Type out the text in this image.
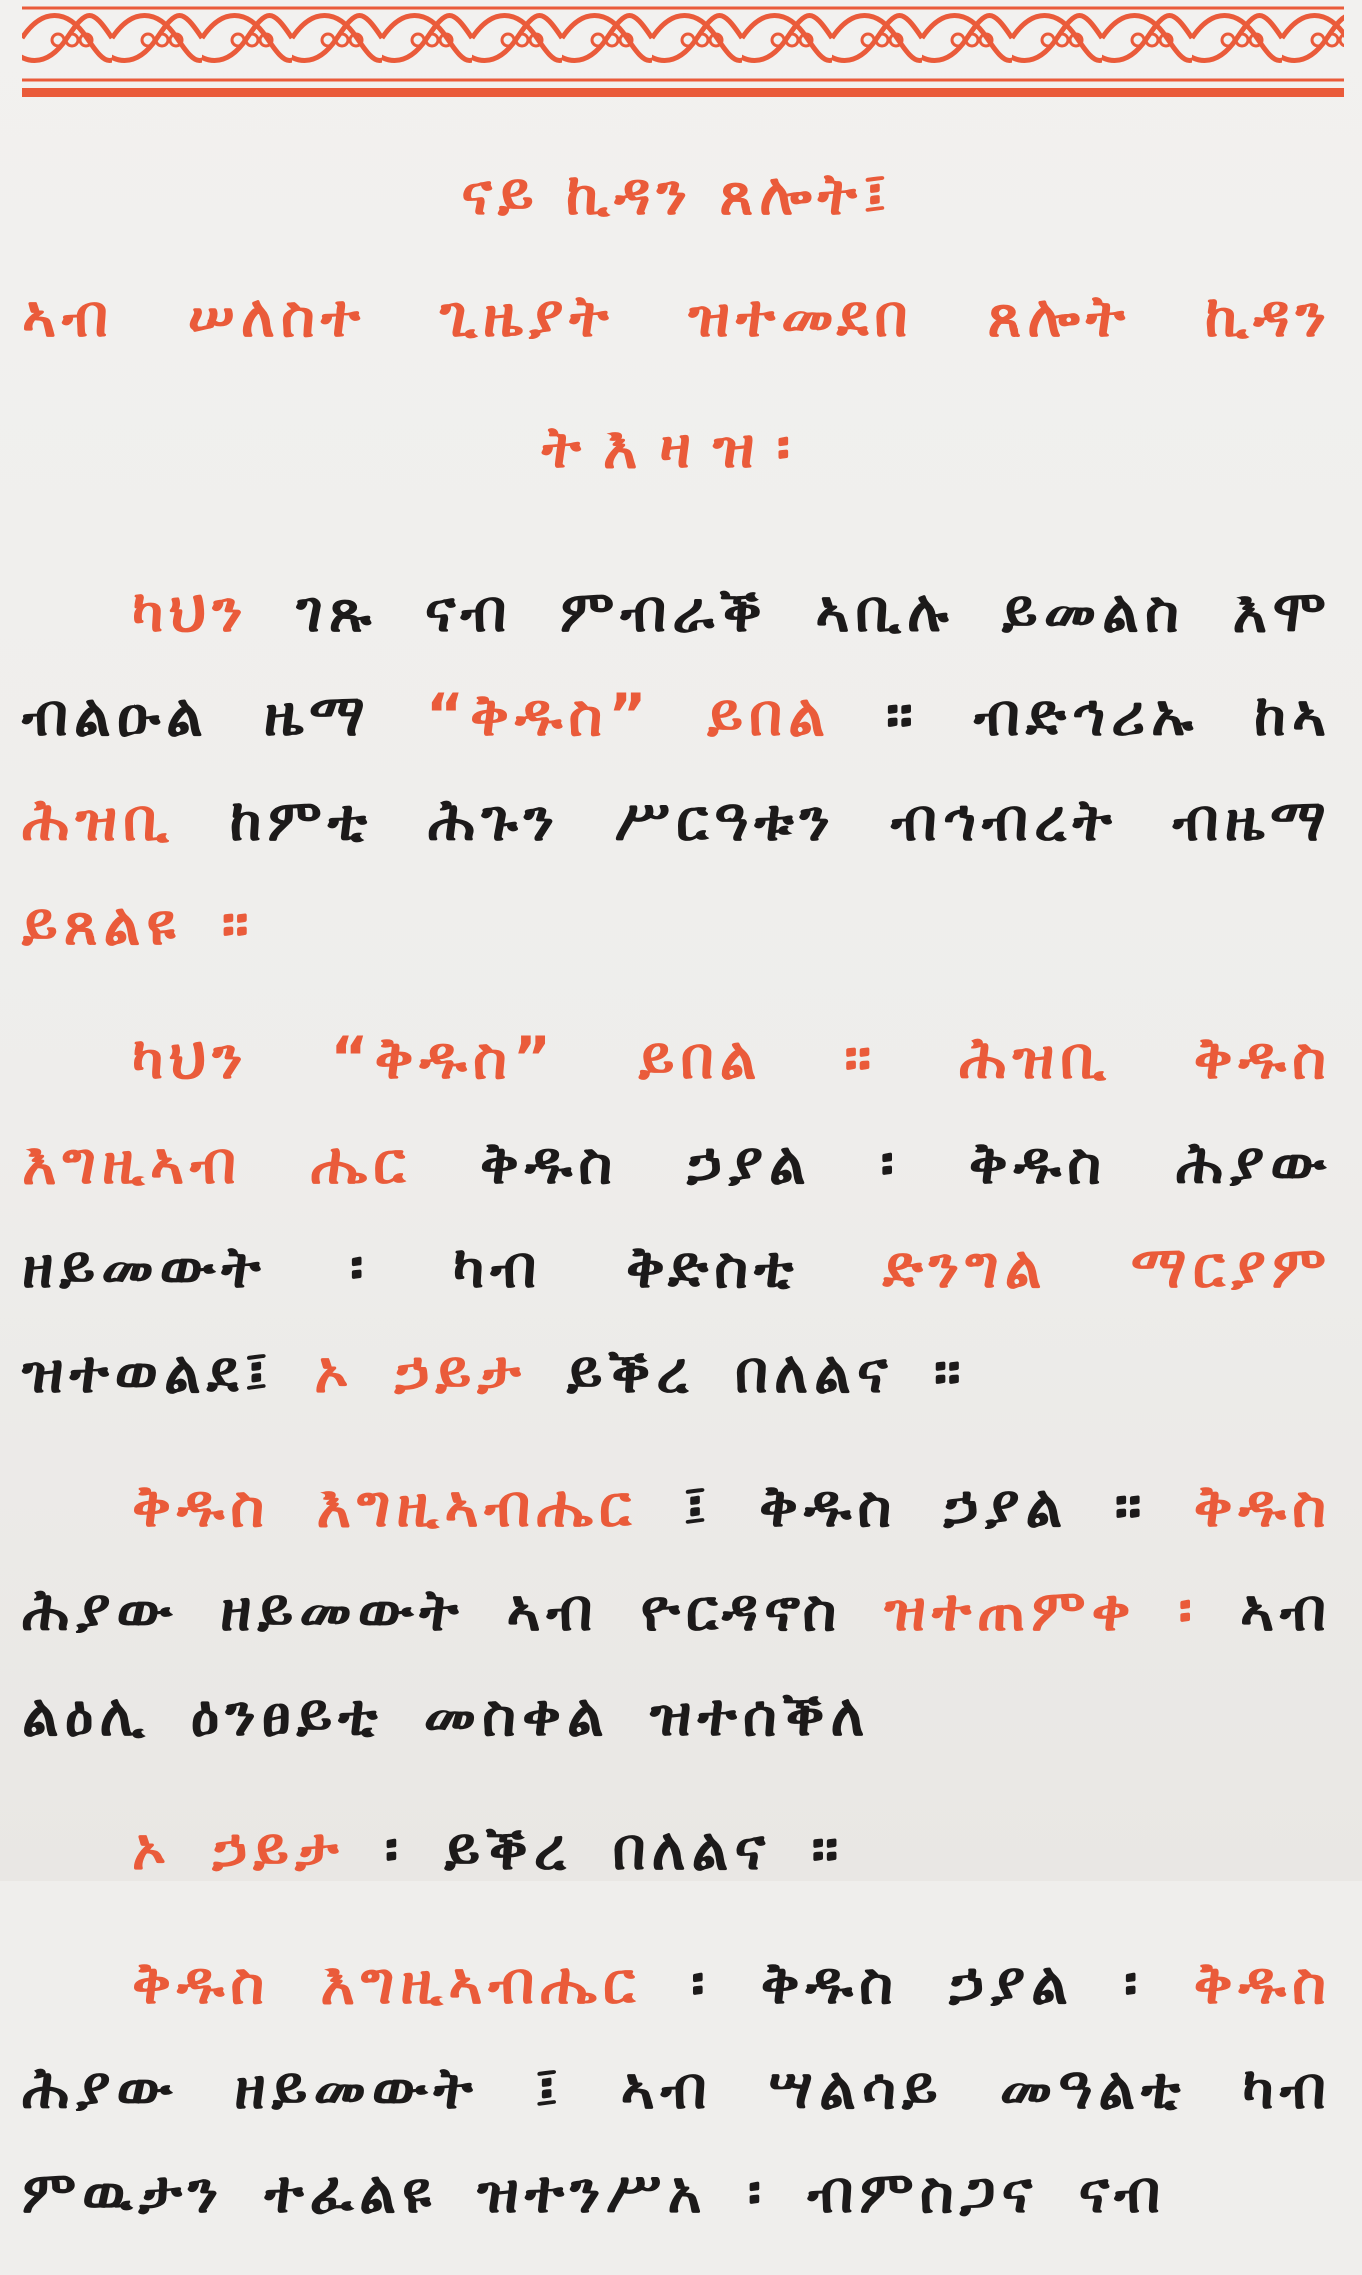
ናይ ኪዳን ጸሎት፤

ኣብ ሠለስተ ጊዜያት ዝተመደበ ጸሎት ኪዳን

ትእዛዝ፡

ካህን ገጹ ናብ ምብራቕ ኣቢሉ ይመልስ እሞ ብልዑል ዜማ “ቅዱስ” ይበል ። ብድኅሪኡ ከኣ ሕዝቢ ከምቲ ሕጉን ሥርዓቱን ብኅብረት ብዜማ ይጸልዩ ።

ካህን “ቅዱስ” ይበል ። ሕዝቢ ቅዱስ እግዚኣብ ሔር ቅዱስ ኃያል ፡ ቅዱስ ሕያው ዘይመውት ፡ ካብ ቅድስቲ ድንግል ማርያም ዝተወልደ፤ ኦ ኃይታ ይቕረ በለልና ።

ቅዱስ እግዚኣብሔር ፤ ቅዱስ ኃያል ። ቅዱስ ሕያው ዘይመውት ኣብ ዮርዳኖስ ዝተጠምቀ ፡ ኣብ ልዕሊ ዕንፀይቲ መስቀል ዝተሰቕለ

ኦ ኃይታ ፡ ይቕረ በለልና ።

ቅዱስ እግዚኣብሔር ፡ ቅዱስ ኃያል ፡ ቅዱስ ሕያው ዘይመውት ፤ ኣብ ሣልሳይ መዓልቲ ካብ ምዉታን ተፈልዩ ዝተንሥአ ፡ ብምስጋና ናብ
